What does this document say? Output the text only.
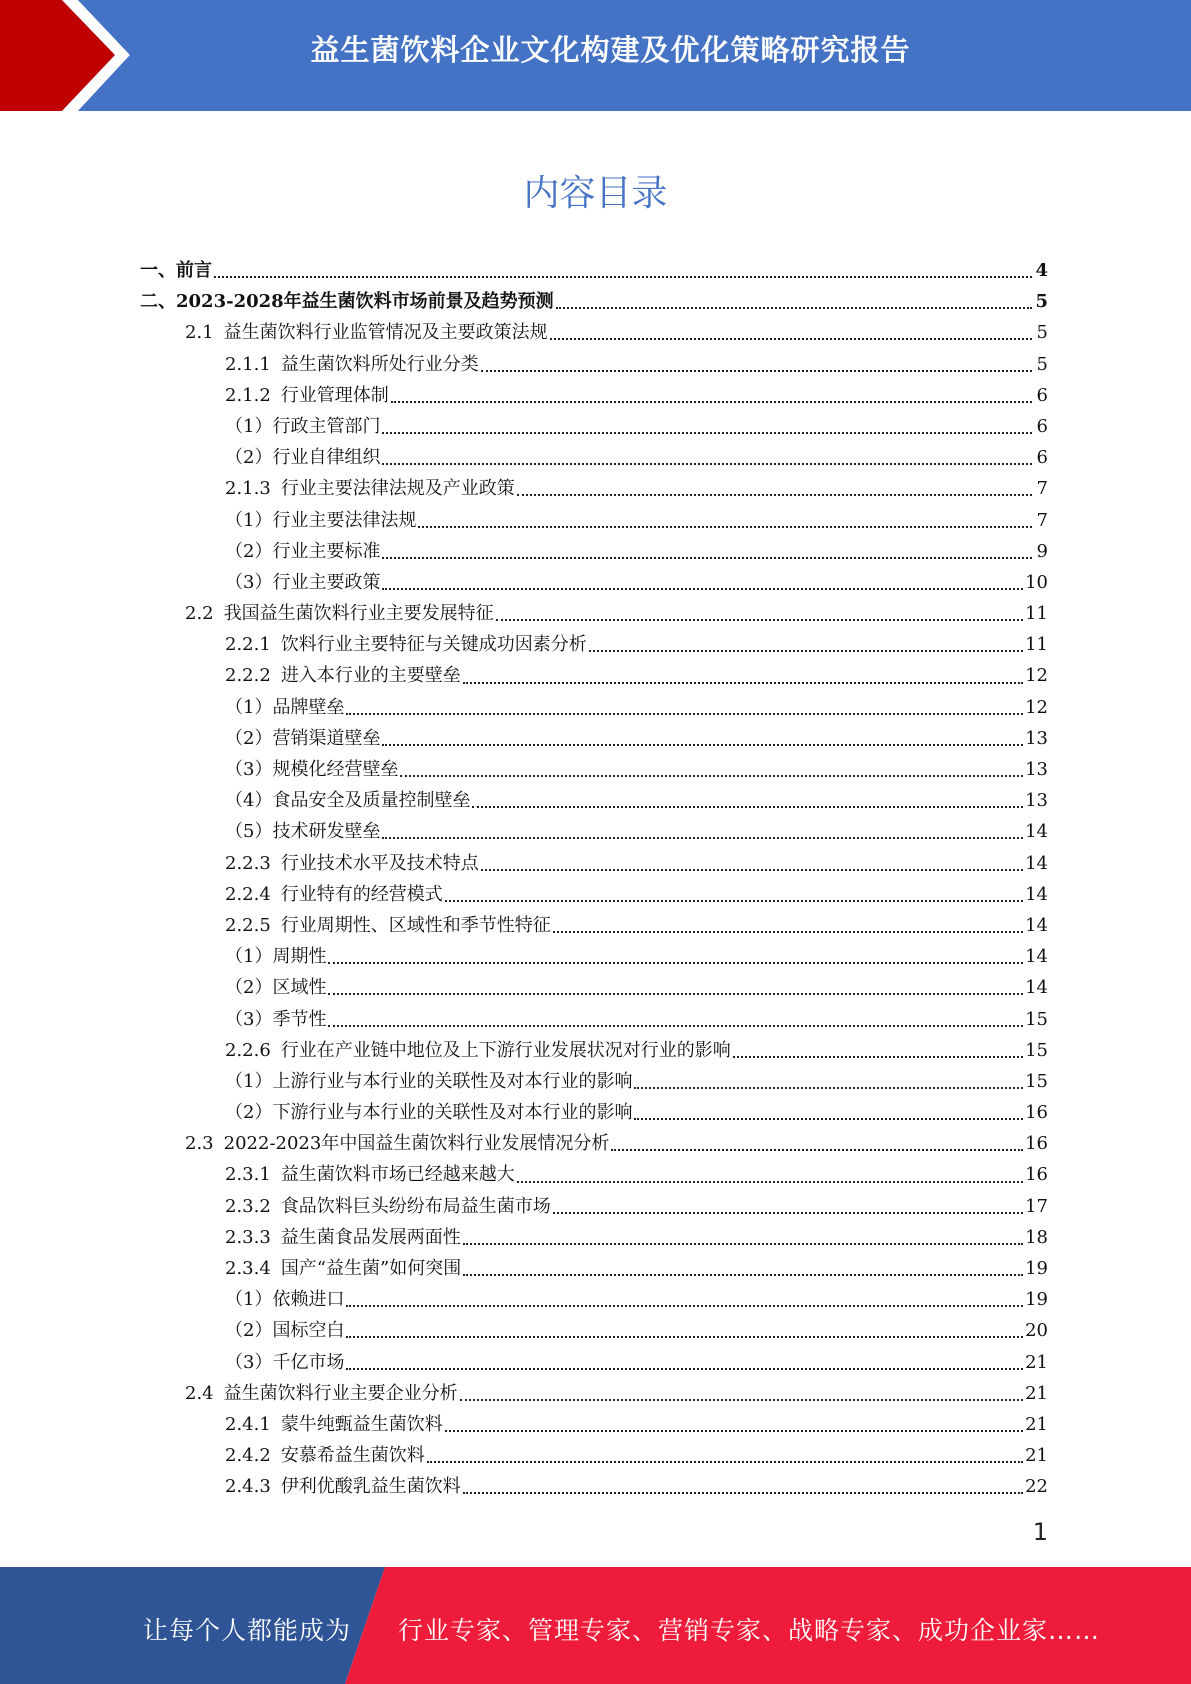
益生菌饮料企业文化构建及优化策略研究报告
内容目录
一、前言	4
二、2023-2028年益生菌饮料市场前景及趋势预测	5
2.1 益生菌饮料行业监管情况及主要政策法规	5
2.1.1 益生菌饮料所处行业分类	5
2.1.2 行业管理体制	6
（1）行政主管部门	6
（2）行业自律组织	6
2.1.3 行业主要法律法规及产业政策	7
（1）行业主要法律法规	7
（2）行业主要标准	9
（3）行业主要政策	10
2.2 我国益生菌饮料行业主要发展特征	11
2.2.1 饮料行业主要特征与关键成功因素分析	11
2.2.2 进入本行业的主要壁垒	12
（1）品牌壁垒	12
（2）营销渠道壁垒	13
（3）规模化经营壁垒	13
（4）食品安全及质量控制壁垒	13
（5）技术研发壁垒	14
2.2.3 行业技术水平及技术特点	14
2.2.4 行业特有的经营模式	14
2.2.5 行业周期性、区域性和季节性特征	14
（1）周期性	14
（2）区域性	14
（3）季节性	15
2.2.6 行业在产业链中地位及上下游行业发展状况对行业的影响	15
（1）上游行业与本行业的关联性及对本行业的影响	15
（2）下游行业与本行业的关联性及对本行业的影响	16
2.3 2022-2023年中国益生菌饮料行业发展情况分析	16
2.3.1 益生菌饮料市场已经越来越大	16
2.3.2 食品饮料巨头纷纷布局益生菌市场	17
2.3.3 益生菌食品发展两面性	18
2.3.4 国产“益生菌”如何突围	19
（1）依赖进口	19
（2）国标空白	20
（3）千亿市场	21
2.4 益生菌饮料行业主要企业分析	21
2.4.1 蒙牛纯甄益生菌饮料	21
2.4.2 安慕希益生菌饮料	21
2.4.3 伊利优酸乳益生菌饮料	22
1
让每个人都能成为 行业专家、管理专家、营销专家、战略专家、成功企业家……
